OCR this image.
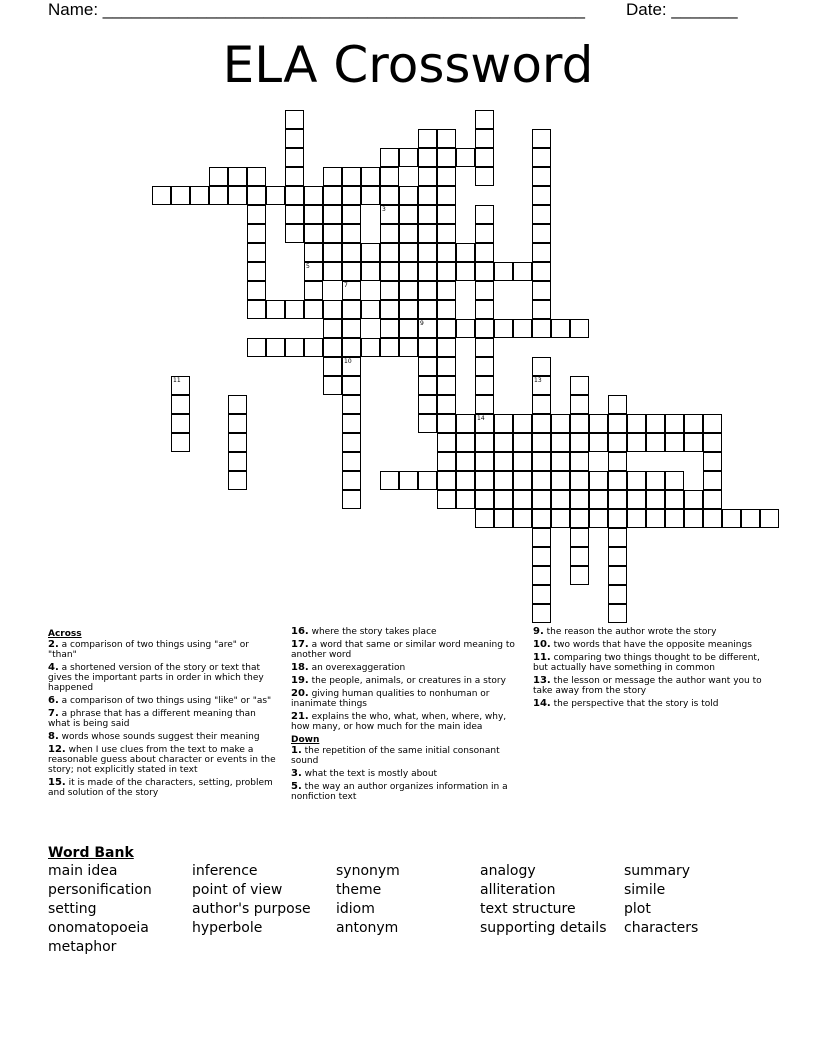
Name: ___________________________________________________ Date: _______
ELA Crossword
5
7
10
9
14
13
11
3
Across
2. a comparison of two things using "are" or "than"
4. a shortened version of the story or text that gives the important parts in order in which they happened
6. a comparison of two things using "like" or "as"
7. a phrase that has a different meaning than what is being said
8. words whose sounds suggest their meaning
12. when I use clues from the text to make a reasonable guess about character or events in the story; not explicitly stated in text
15. it is made of the characters, setting, problem and solution of the story
16. where the story takes place
17. a word that same or similar word meaning to another word
18. an overexaggeration
19. the people, animals, or creatures in a story
20. giving human qualities to nonhuman or inanimate things
21. explains the who, what, when, where, why, how many, or how much for the main idea
Down
1. the repetition of the same initial consonant sound
3. what the text is mostly about
5. the way an author organizes information in a nonfiction text
9. the reason the author wrote the story
10. two words that have the opposite meanings
11. comparing two things thought to be different, but actually have something in common
13. the lesson or message the author want you to take away from the story
14. the perspective that the story is told
Word Bank
main idea
personification
setting
onomatopoeia
metaphor
inference
point of view
author's purpose
hyperbole
synonym
theme
idiom
antonym
analogy
alliteration
text structure
supporting details
summary
simile
plot
characters
